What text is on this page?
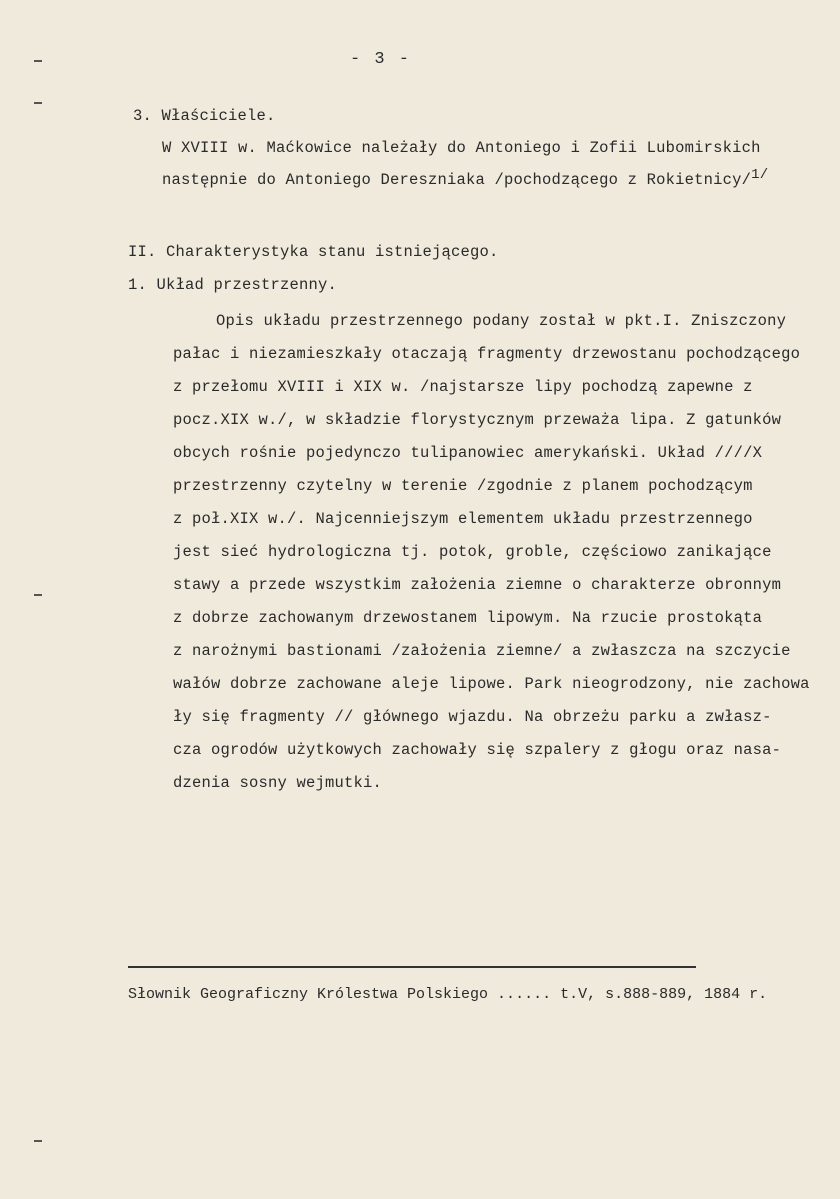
- 3 -
3. Właściciele.
W XVIII w. Maćkowice należały do Antoniego i Zofii Lubomirskich
następnie do Antoniego Dereszniaka /pochodzącego z Rokietnicy/1/
II. Charakterystyka stanu istniejącego.
1. Układ przestrzenny.
Opis układu przestrzennego podany został w pkt.I. Zniszczony
pałac i niezamieszkały otaczają fragmenty drzewostanu pochodzącego
z przełomu XVIII i XIX w. /najstarsze lipy pochodzą zapewne z
pocz.XIX w./, w składzie florystycznym przeważa lipa. Z gatunków
obcych rośnie pojedynczo tulipanowiec amerykański. Układ ////X
przestrzenny czytelny w terenie /zgodnie z planem pochodzącym
z poł.XIX w./. Najcenniejszym elementem układu przestrzennego
jest sieć hydrologiczna tj. potok, groble, częściowo zanikające
stawy a przede wszystkim założenia ziemne o charakterze obronnym
z dobrze zachowanym drzewostanem lipowym. Na rzucie prostokąta
z narożnymi bastionami /założenia ziemne/ a zwłaszcza na szczycie
wałów dobrze zachowane aleje lipowe. Park nieogrodzony, nie zachowa
ły się fragmenty // głównego wjazdu. Na obrzeżu parku a zwłasz-
cza ogrodów użytkowych zachowały się szpalery z głogu oraz nasa-
dzenia sosny wejmutki.
Słownik Geograficzny Królestwa Polskiego ...... t.V, s.888-889, 1884 r.
